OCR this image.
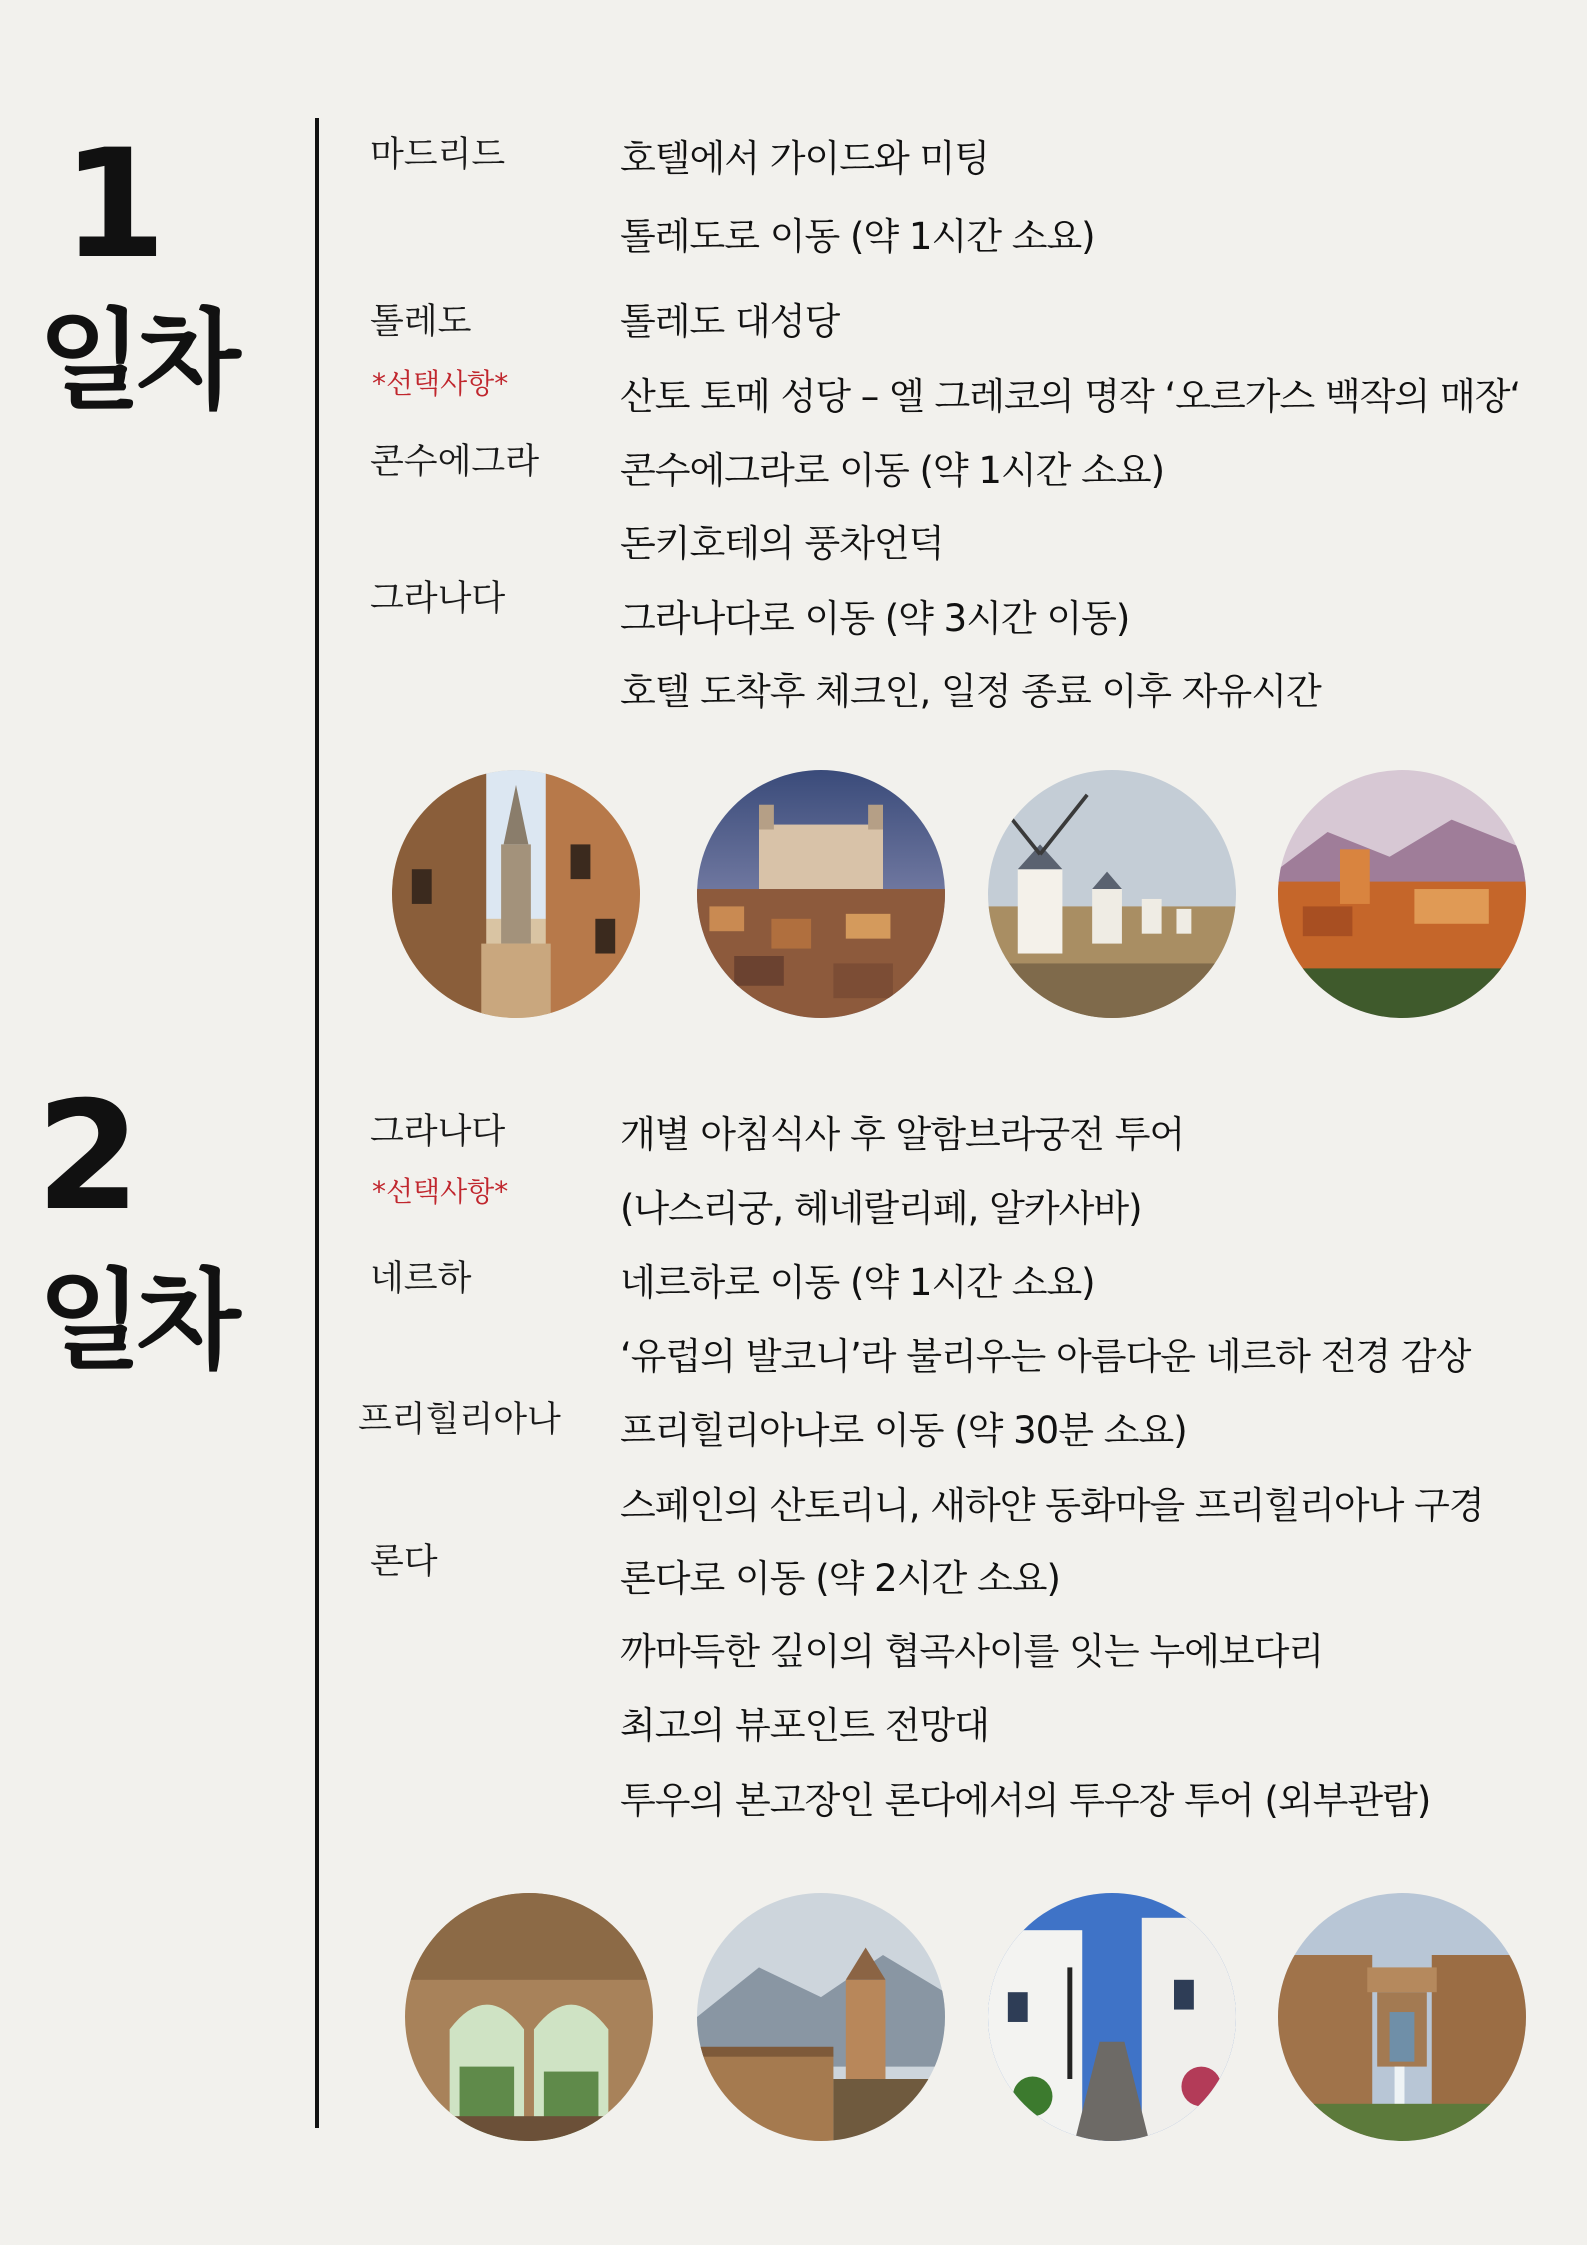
1
일차
마드리드
톨레도
*선택사항*
콘수에그라
그라나다
호텔에서 가이드와 미팅
톨레도로 이동 (약 1시간 소요)
톨레도 대성당
산토 토메 성당 – 엘 그레코의 명작 ‘오르가스 백작의 매장‘
콘수에그라로 이동 (약 1시간 소요)
돈키호테의 풍차언덕
그라나다로 이동 (약 3시간 이동)
호텔 도착후 체크인, 일정 종료 이후 자유시간
2
일차
그라나다
*선택사항*
네르하
프리힐리아나
론다
개별 아침식사 후 알함브라궁전 투어
(나스리궁, 헤네랄리페, 알카사바)
네르하로 이동 (약 1시간 소요)
‘유럽의 발코니’라 불리우는 아름다운 네르하 전경 감상
프리힐리아나로 이동 (약 30분 소요)
스페인의 산토리니, 새하얀 동화마을 프리힐리아나 구경
론다로 이동 (약 2시간 소요)
까마득한 깊이의 협곡사이를 잇는 누에보다리
최고의 뷰포인트 전망대
투우의 본고장인 론다에서의 투우장 투어 (외부관람)
